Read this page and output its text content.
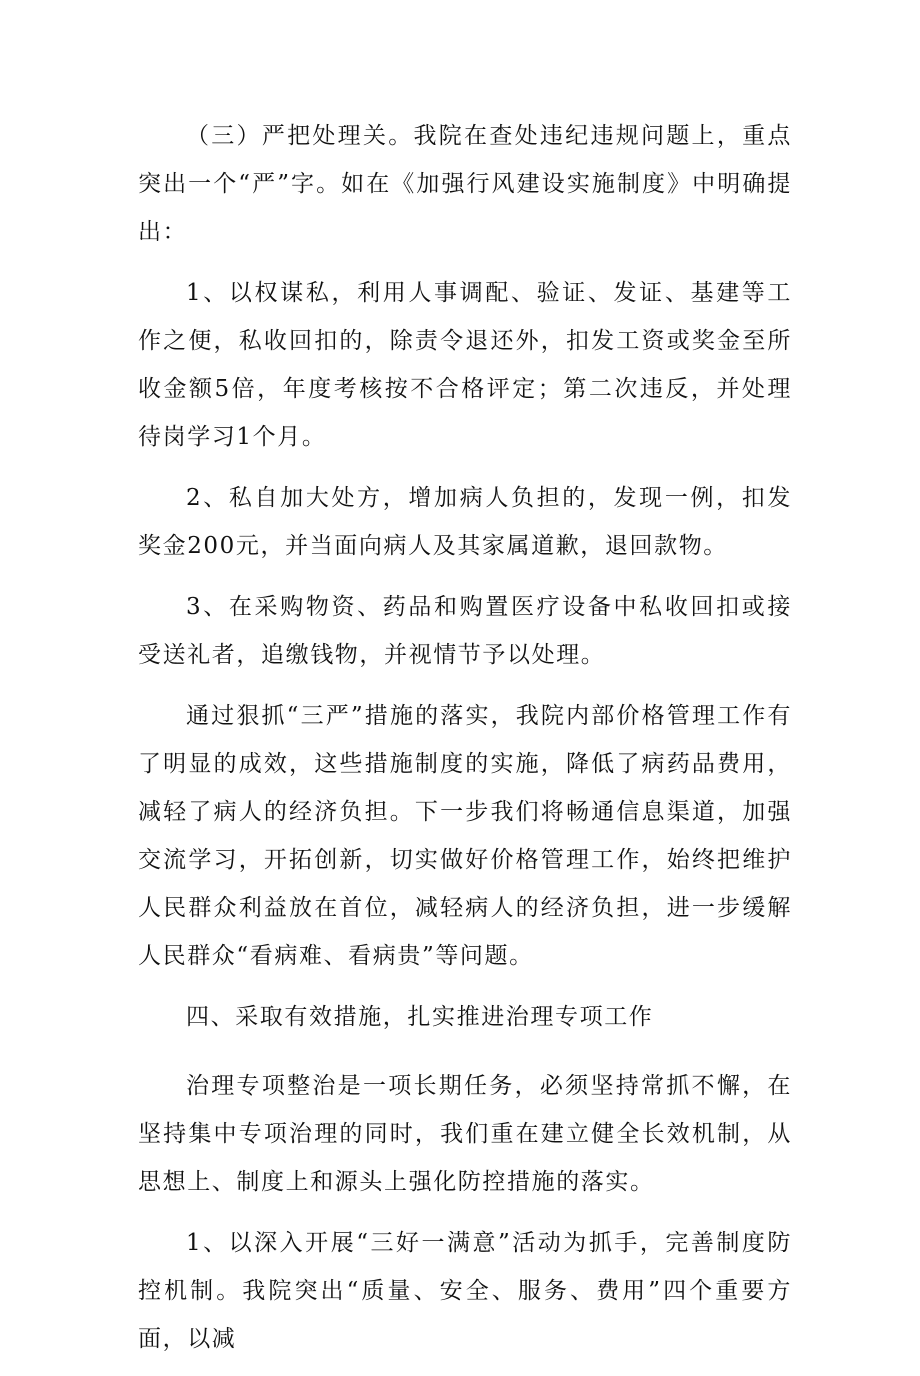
（三）严把处理关。我院在查处违纪违规问题上，重点突出一个“严”字。如在《加强行风建设实施制度》中明确提出：

1、以权谋私，利用人事调配、验证、发证、基建等工作之便，私收回扣的，除责令退还外，扣发工资或奖金至所收金额5倍，年度考核按不合格评定；第二次违反，并处理待岗学习1个月。

2、私自加大处方，增加病人负担的，发现一例，扣发奖金200元，并当面向病人及其家属道歉，退回款物。

3、在采购物资、药品和购置医疗设备中私收回扣或接受送礼者，追缴钱物，并视情节予以处理。

通过狠抓“三严”措施的落实，我院内部价格管理工作有了明显的成效，这些措施制度的实施，降低了病药品费用，减轻了病人的经济负担。下一步我们将畅通信息渠道，加强交流学习，开拓创新，切实做好价格管理工作，始终把维护人民群众利益放在首位，减轻病人的经济负担，进一步缓解人民群众“看病难、看病贵”等问题。

四、采取有效措施，扎实推进治理专项工作

治理专项整治是一项长期任务，必须坚持常抓不懈，在坚持集中专项治理的同时，我们重在建立健全长效机制，从思想上、制度上和源头上强化防控措施的落实。

1、以深入开展“三好一满意”活动为抓手，完善制度防控机制。我院突出“质量、安全、服务、费用”四个重要方面，以减
